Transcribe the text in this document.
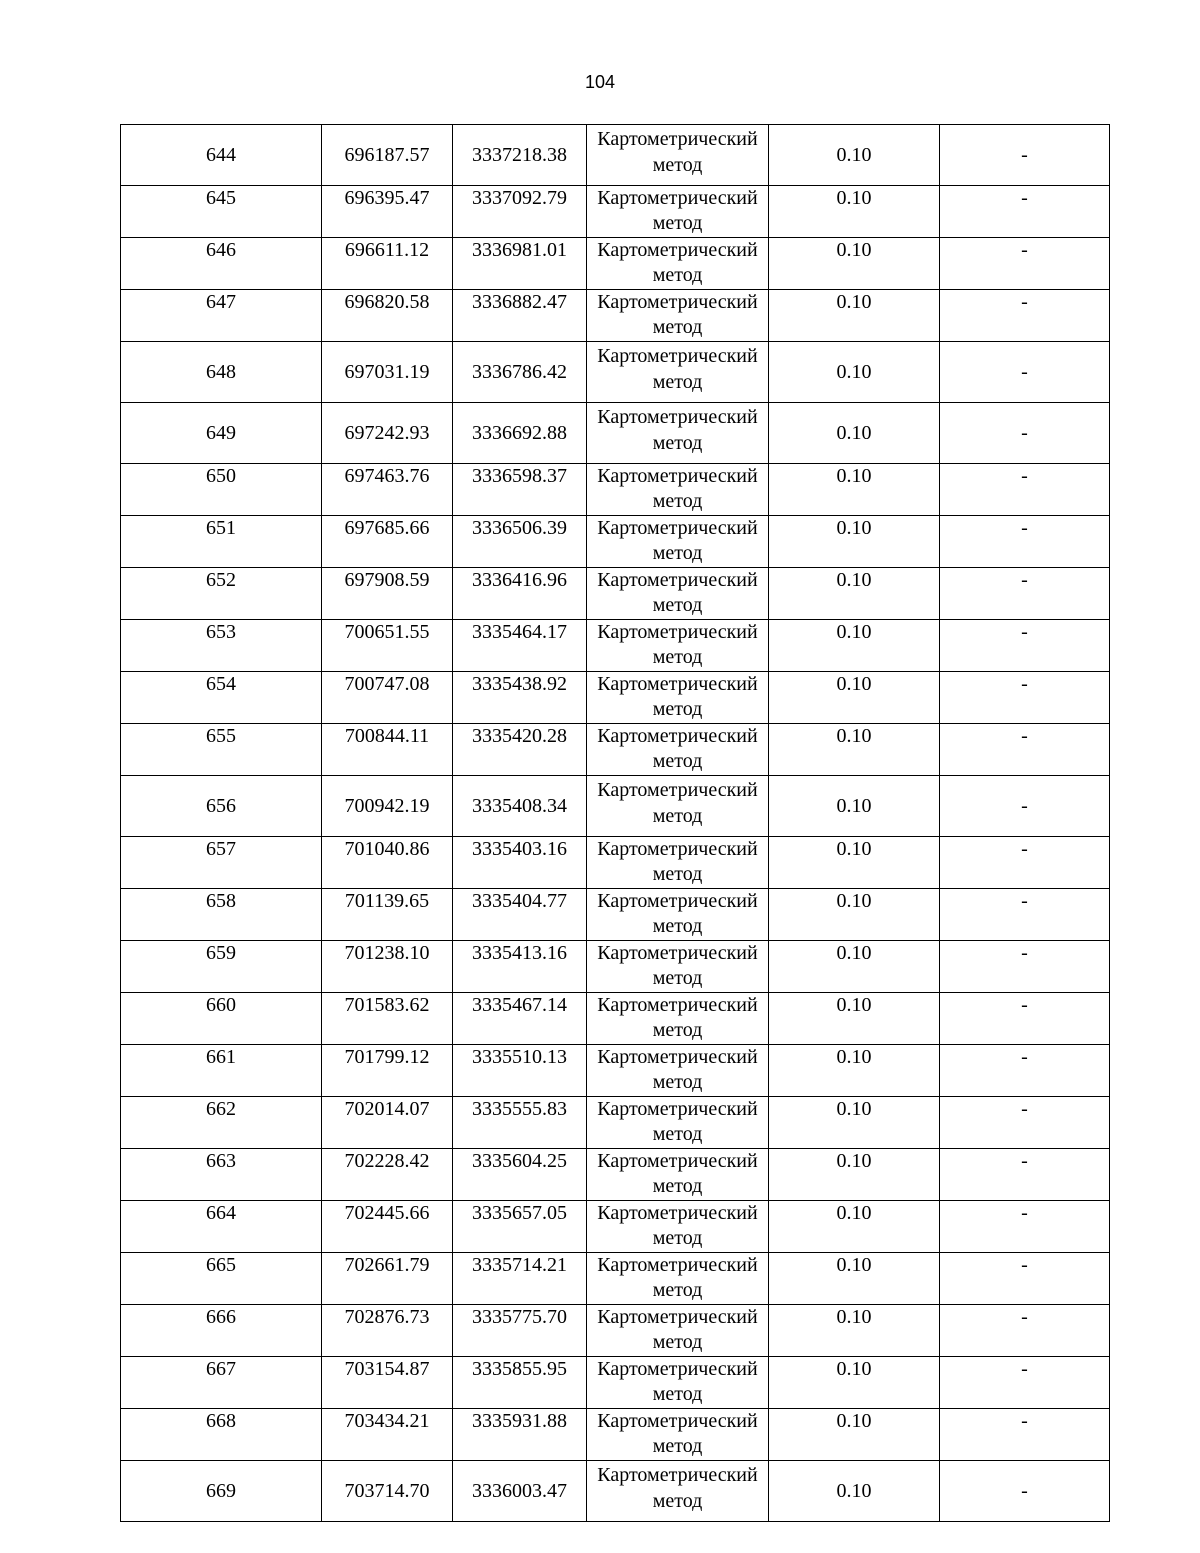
104
644	696187.57	3337218.38	Картометрический метод	0.10	-
645	696395.47	3337092.79	Картометрический метод	0.10	-
646	696611.12	3336981.01	Картометрический метод	0.10	-
647	696820.58	3336882.47	Картометрический метод	0.10	-
648	697031.19	3336786.42	Картометрический метод	0.10	-
649	697242.93	3336692.88	Картометрический метод	0.10	-
650	697463.76	3336598.37	Картометрический метод	0.10	-
651	697685.66	3336506.39	Картометрический метод	0.10	-
652	697908.59	3336416.96	Картометрический метод	0.10	-
653	700651.55	3335464.17	Картометрический метод	0.10	-
654	700747.08	3335438.92	Картометрический метод	0.10	-
655	700844.11	3335420.28	Картометрический метод	0.10	-
656	700942.19	3335408.34	Картометрический метод	0.10	-
657	701040.86	3335403.16	Картометрический метод	0.10	-
658	701139.65	3335404.77	Картометрический метод	0.10	-
659	701238.10	3335413.16	Картометрический метод	0.10	-
660	701583.62	3335467.14	Картометрический метод	0.10	-
661	701799.12	3335510.13	Картометрический метод	0.10	-
662	702014.07	3335555.83	Картометрический метод	0.10	-
663	702228.42	3335604.25	Картометрический метод	0.10	-
664	702445.66	3335657.05	Картометрический метод	0.10	-
665	702661.79	3335714.21	Картометрический метод	0.10	-
666	702876.73	3335775.70	Картометрический метод	0.10	-
667	703154.87	3335855.95	Картометрический метод	0.10	-
668	703434.21	3335931.88	Картометрический метод	0.10	-
669	703714.70	3336003.47	Картометрический метод	0.10	-
